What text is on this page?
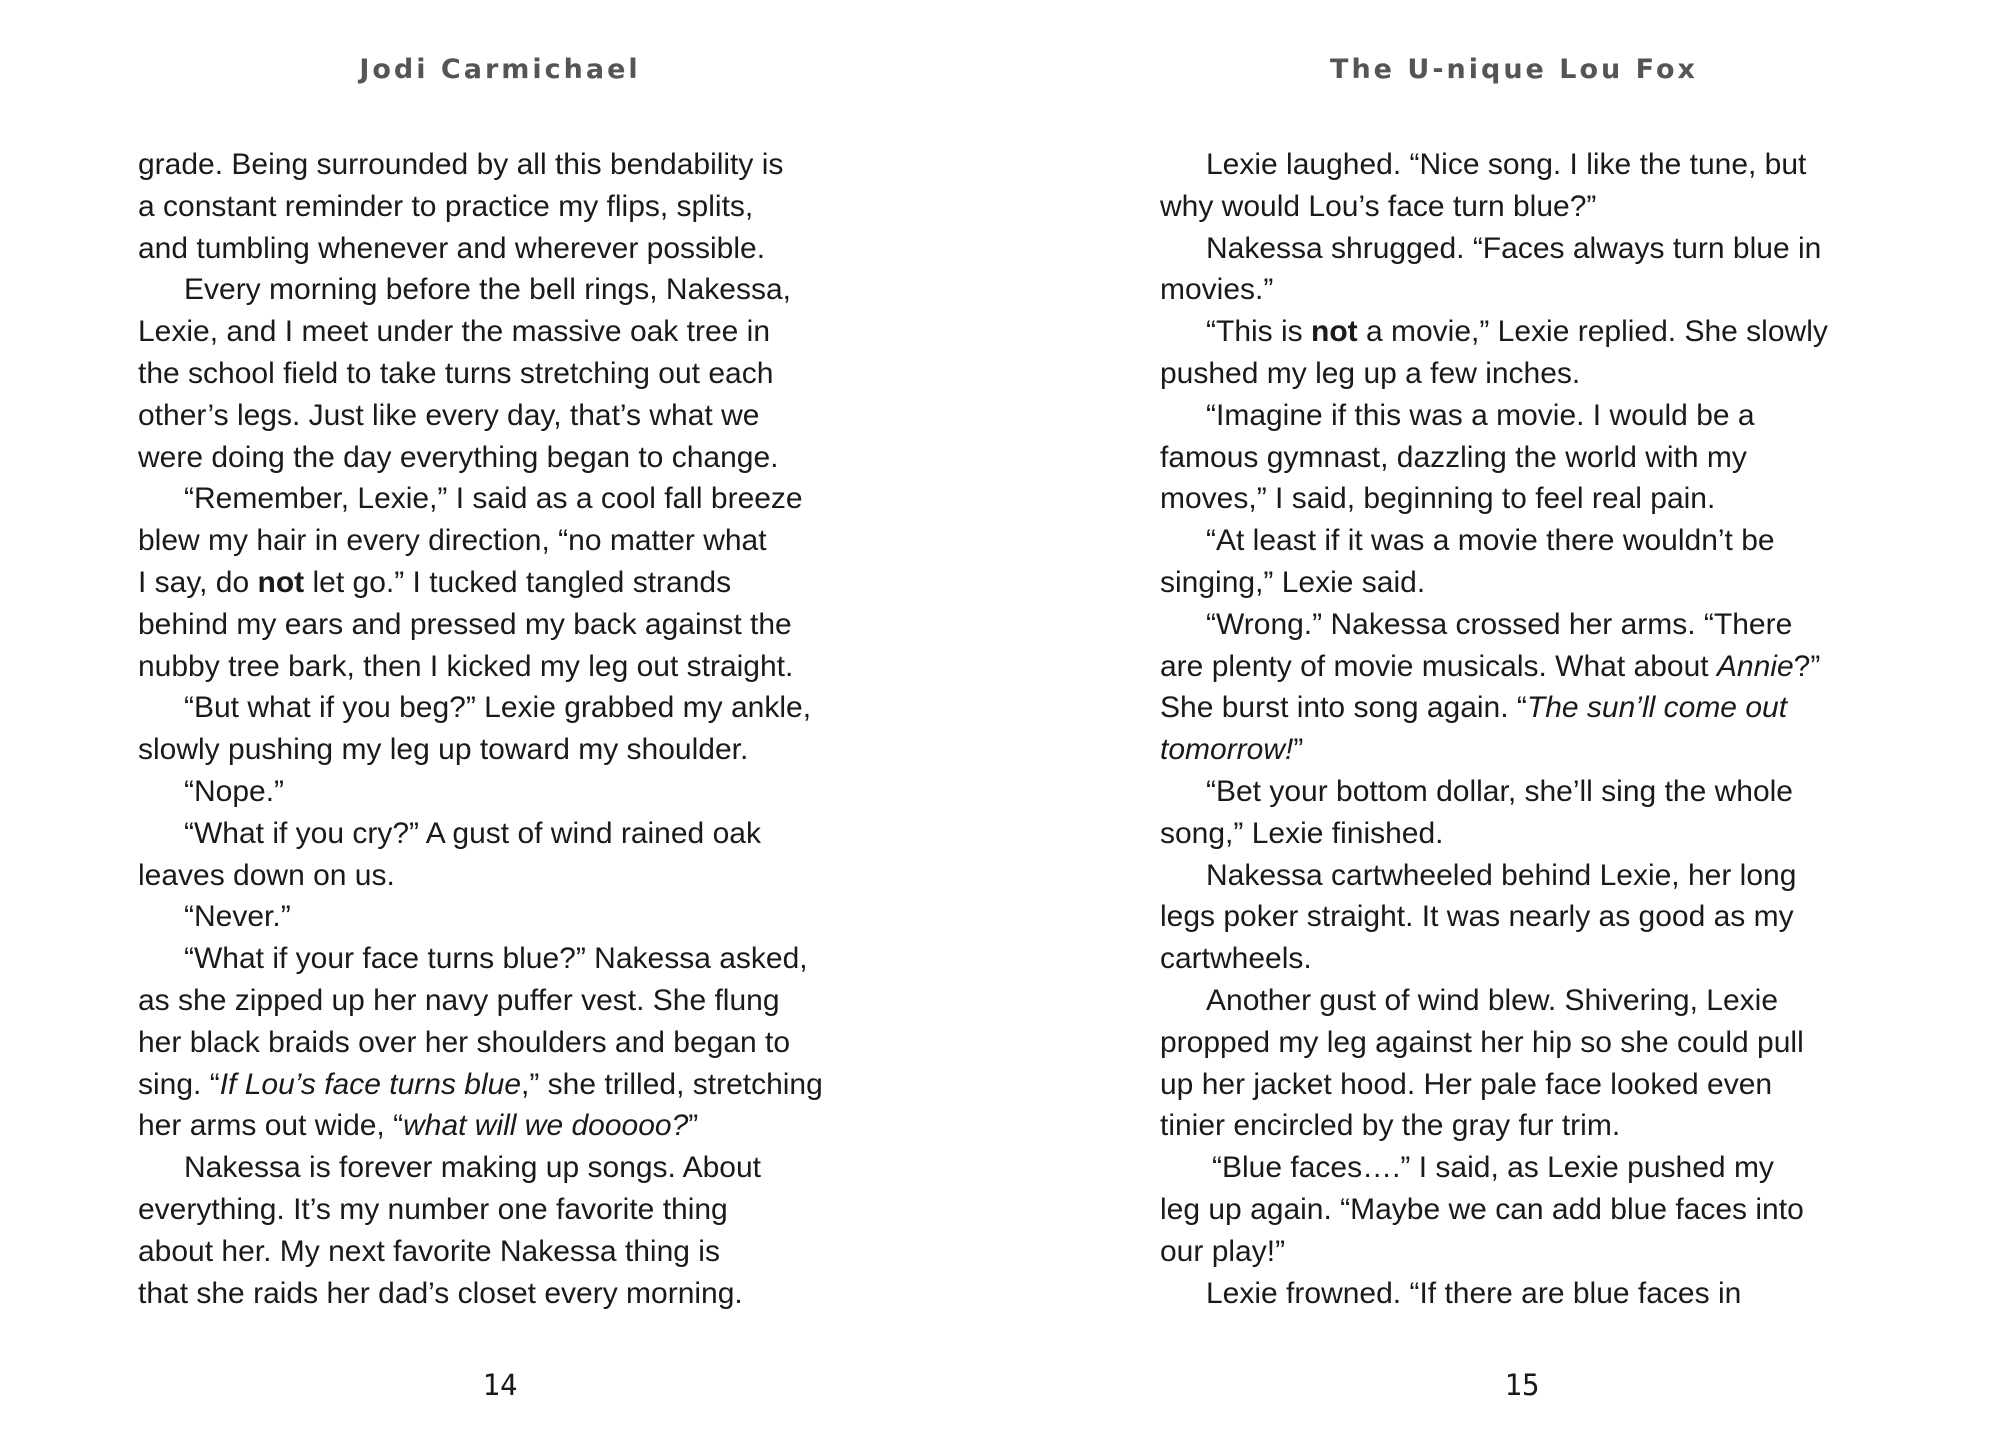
Jodi Carmichael
grade. Being surrounded by all this bendability is
a constant reminder to practice my flips, splits,
and tumbling whenever and wherever possible.
Every morning before the bell rings, Nakessa,
Lexie, and I meet under the massive oak tree in
the school field to take turns stretching out each
other’s legs. Just like every day, that’s what we
were doing the day everything began to change.
“Remember, Lexie,” I said as a cool fall breeze
blew my hair in every direction, “no matter what
I say, do not let go.” I tucked tangled strands
behind my ears and pressed my back against the
nubby tree bark, then I kicked my leg out straight.
“But what if you beg?” Lexie grabbed my ankle,
slowly pushing my leg up toward my shoulder.
“Nope.”
“What if you cry?” A gust of wind rained oak
leaves down on us.
“Never.”
“What if your face turns blue?” Nakessa asked,
as she zipped up her navy puffer vest. She flung
her black braids over her shoulders and began to
sing. “If Lou’s face turns blue,” she trilled, stretching
her arms out wide, “what will we dooooo?”
Nakessa is forever making up songs. About
everything. It’s my number one favorite thing
about her. My next favorite Nakessa thing is
that she raids her dad’s closet every morning.
14
The U-nique Lou Fox
Lexie laughed. “Nice song. I like the tune, but
why would Lou’s face turn blue?”
Nakessa shrugged. “Faces always turn blue in
movies.”
“This is not a movie,” Lexie replied. She slowly
pushed my leg up a few inches.
“Imagine if this was a movie. I would be a
famous gymnast, dazzling the world with my
moves,” I said, beginning to feel real pain.
“At least if it was a movie there wouldn’t be
singing,” Lexie said.
“Wrong.” Nakessa crossed her arms. “There
are plenty of movie musicals. What about Annie?”
She burst into song again. “The sun’ll come out
tomorrow!”
“Bet your bottom dollar, she’ll sing the whole
song,” Lexie finished.
Nakessa cartwheeled behind Lexie, her long
legs poker straight. It was nearly as good as my
cartwheels.
Another gust of wind blew. Shivering, Lexie
propped my leg against her hip so she could pull
up her jacket hood. Her pale face looked even
tinier encircled by the gray fur trim.
“Blue faces….” I said, as Lexie pushed my
leg up again. “Maybe we can add blue faces into
our play!”
Lexie frowned. “If there are blue faces in
15
